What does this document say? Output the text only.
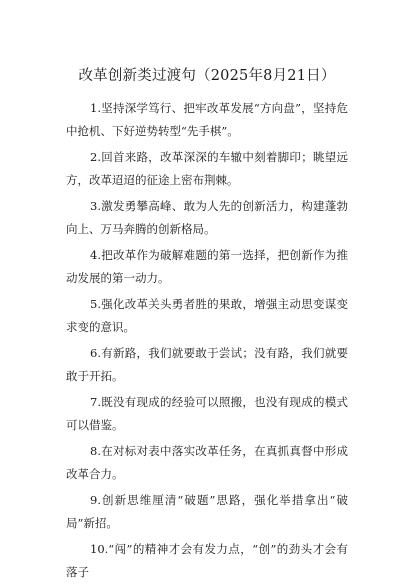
改革创新类过渡句（2025年8月21日）

1.坚持深学笃行、把牢改革发展“方向盘”，坚持危中抢机、下好逆势转型“先手棋”。

2.回首来路，改革深深的车辙中刻着脚印；眺望远方，改革迢迢的征途上密布荆棘。

3.激发勇攀高峰、敢为人先的创新活力，构建蓬勃向上、万马奔腾的创新格局。

4.把改革作为破解难题的第一选择，把创新作为推动发展的第一动力。

5.强化改革关头勇者胜的果敢，增强主动思变谋变求变的意识。

6.有新路，我们就要敢于尝试；没有路，我们就要敢于开拓。

7.既没有现成的经验可以照搬，也没有现成的模式可以借鉴。

8.在对标对表中落实改革任务，在真抓真督中形成改革合力。

9.创新思维厘清“破题”思路，强化举措拿出“破局”新招。

10.“闯”的精神才会有发力点，“创”的劲头才会有落子
